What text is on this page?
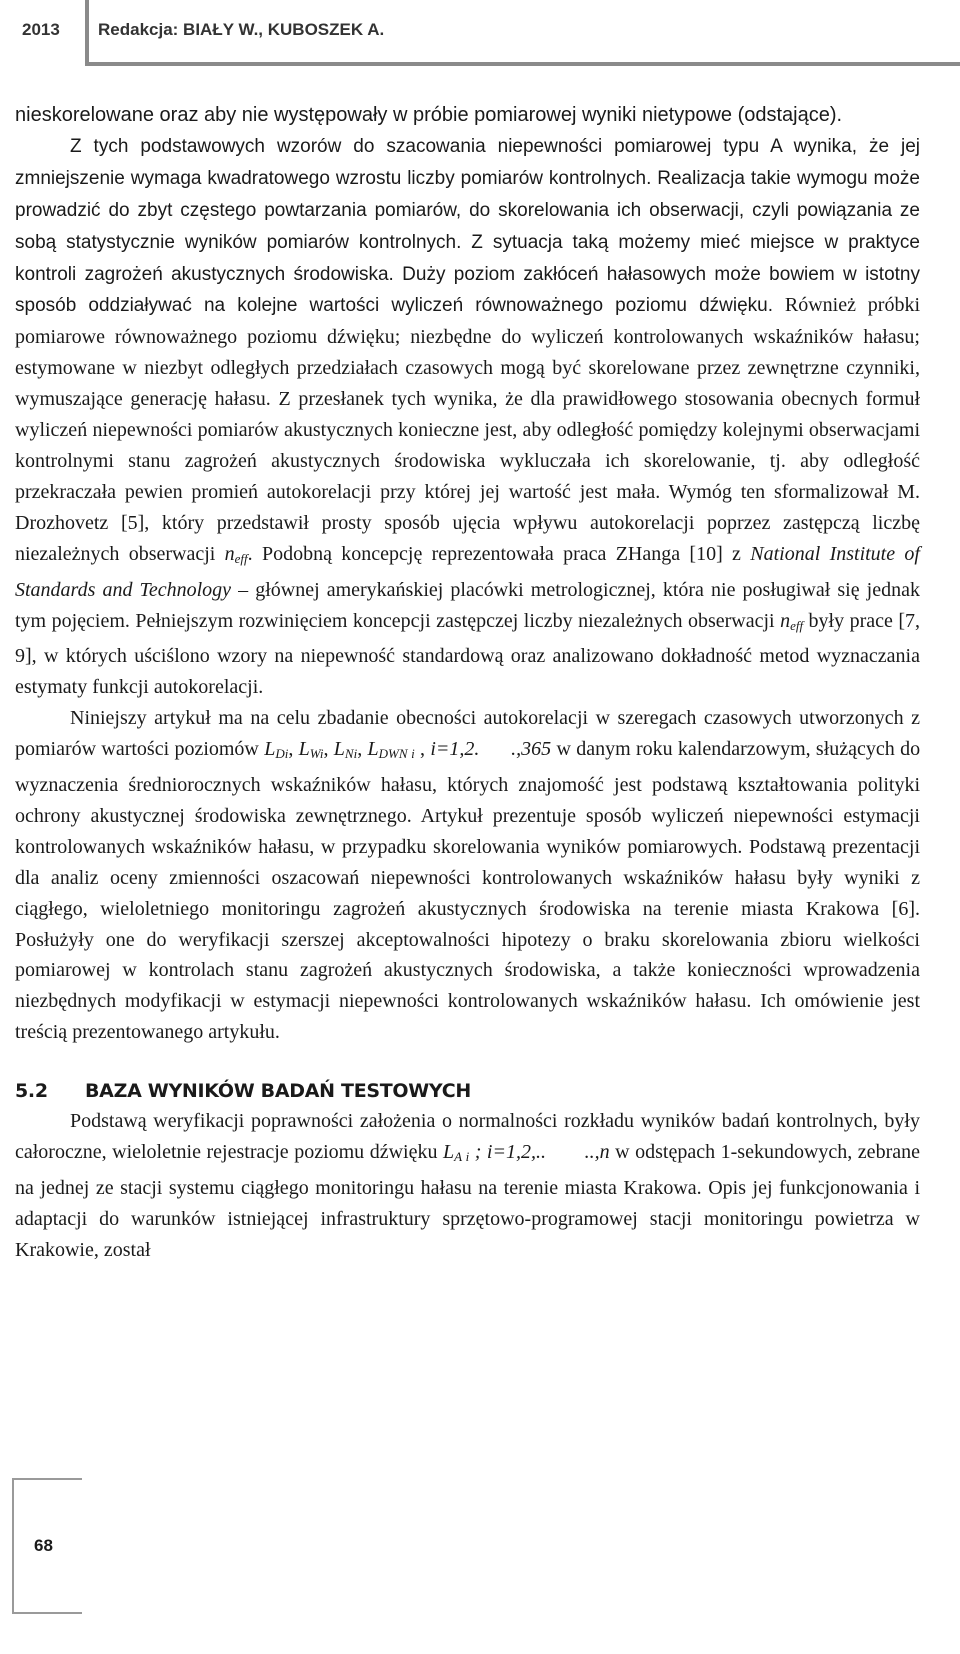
2013 Redakcja: BIAŁY W., KUBOSZEK A.

nieskorelowane oraz aby nie występowały w próbie pomiarowej wyniki nietypowe (odstające).

Z tych podstawowych wzorów do szacowania niepewności pomiarowej typu A wynika, że jej zmniejszenie wymaga kwadratowego wzrostu liczby pomiarów kontrolnych. Realizacja takie wymogu może prowadzić do zbyt częstego powtarzania pomiarów, do skorelowania ich obserwacji, czyli powiązania ze sobą statystycznie wyników pomiarów kontrolnych. Z sytuacja taką możemy mieć miejsce w praktyce kontroli zagrożeń akustycznych środowiska. Duży poziom zakłóceń hałasowych może bowiem w istotny sposób oddziaływać na kolejne wartości wyliczeń równoważnego poziomu dźwięku. Również próbki pomiarowe równoważnego poziomu dźwięku; niezbędne do wyliczeń kontrolowanych wskaźników hałasu; estymowane w niezbyt odległych przedziałach czasowych mogą być skorelowane przez zewnętrzne czynniki, wymuszające generację hałasu. Z przesłanek tych wynika, że dla prawidłowego stosowania obecnych formuł wyliczeń niepewności pomiarów akustycznych konieczne jest, aby odległość pomiędzy kolejnymi obserwacjami kontrolnymi stanu zagrożeń akustycznych środowiska wykluczała ich skorelowanie, tj. aby odległość przekraczała pewien promień autokorelacji przy której jej wartość jest mała. Wymóg ten sformalizował M. Drozhovetz [5], który przedstawił prosty sposób ujęcia wpływu autokorelacji poprzez zastępczą liczbę niezależnych obserwacji $n_{eff}$. Podobną koncepcję reprezentowała praca ZHanga [10] z National Institute of Standards and Technology – głównej amerykańskiej placówki metrologicznej, która nie posługiwał się jednak tym pojęciem. Pełniejszym rozwinięciem koncepcji zastępczej liczby niezależnych obserwacji $n_{eff}$ były prace [7, 9], w których uściślono wzory na niepewność standardową oraz analizowano dokładność metod wyznaczania estymaty funkcji autokorelacji.

Niniejszy artykuł ma na celu zbadanie obecności autokorelacji w szeregach czasowych utworzonych z pomiarów wartości poziomów $L_{Di}$, $L_{Wi}$, $L_{Ni}$, $L_{DWN i}$ , i=1,2.      .,365 w danym roku kalendarzowym, służących do wyznaczenia średniorocznych wskaźników hałasu, których znajomość jest podstawą kształtowania polityki ochrony akustycznej środowiska zewnętrznego. Artykuł prezentuje sposób wyliczeń niepewności estymacji kontrolowanych wskaźników hałasu, w przypadku skorelowania wyników pomiarowych. Podstawą prezentacji dla analiz oceny zmienności oszacowań niepewności kontrolowanych wskaźników hałasu były wyniki z ciągłego, wieloletniego monitoringu zagrożeń akustycznych środowiska na terenie miasta Krakowa [6]. Posłużyły one do weryfikacji szerszej akceptowalności hipotezy o braku skorelowania zbioru wielkości pomiarowej w kontrolach stanu zagrożeń akustycznych środowiska, a także konieczności wprowadzenia niezbędnych modyfikacji w estymacji niepewności kontrolowanych wskaźników hałasu. Ich omówienie jest treścią prezentowanego artykułu.

5.2 BAZA WYNIKÓW BADAŃ TESTOWYCH

Podstawą weryfikacji poprawności założenia o normalności rozkładu wyników badań kontrolnych, były całoroczne, wieloletnie rejestracje poziomu dźwięku $L_{A i}$ ; i=1,2,..       ..,n w odstępach 1-sekundowych, zebrane na jednej ze stacji systemu ciągłego monitoringu hałasu na terenie miasta Krakowa. Opis jej funkcjonowania i adaptacji do warunków istniejącej infrastruktury sprzętowo-programowej stacji monitoringu powietrza w Krakowie, został

68
